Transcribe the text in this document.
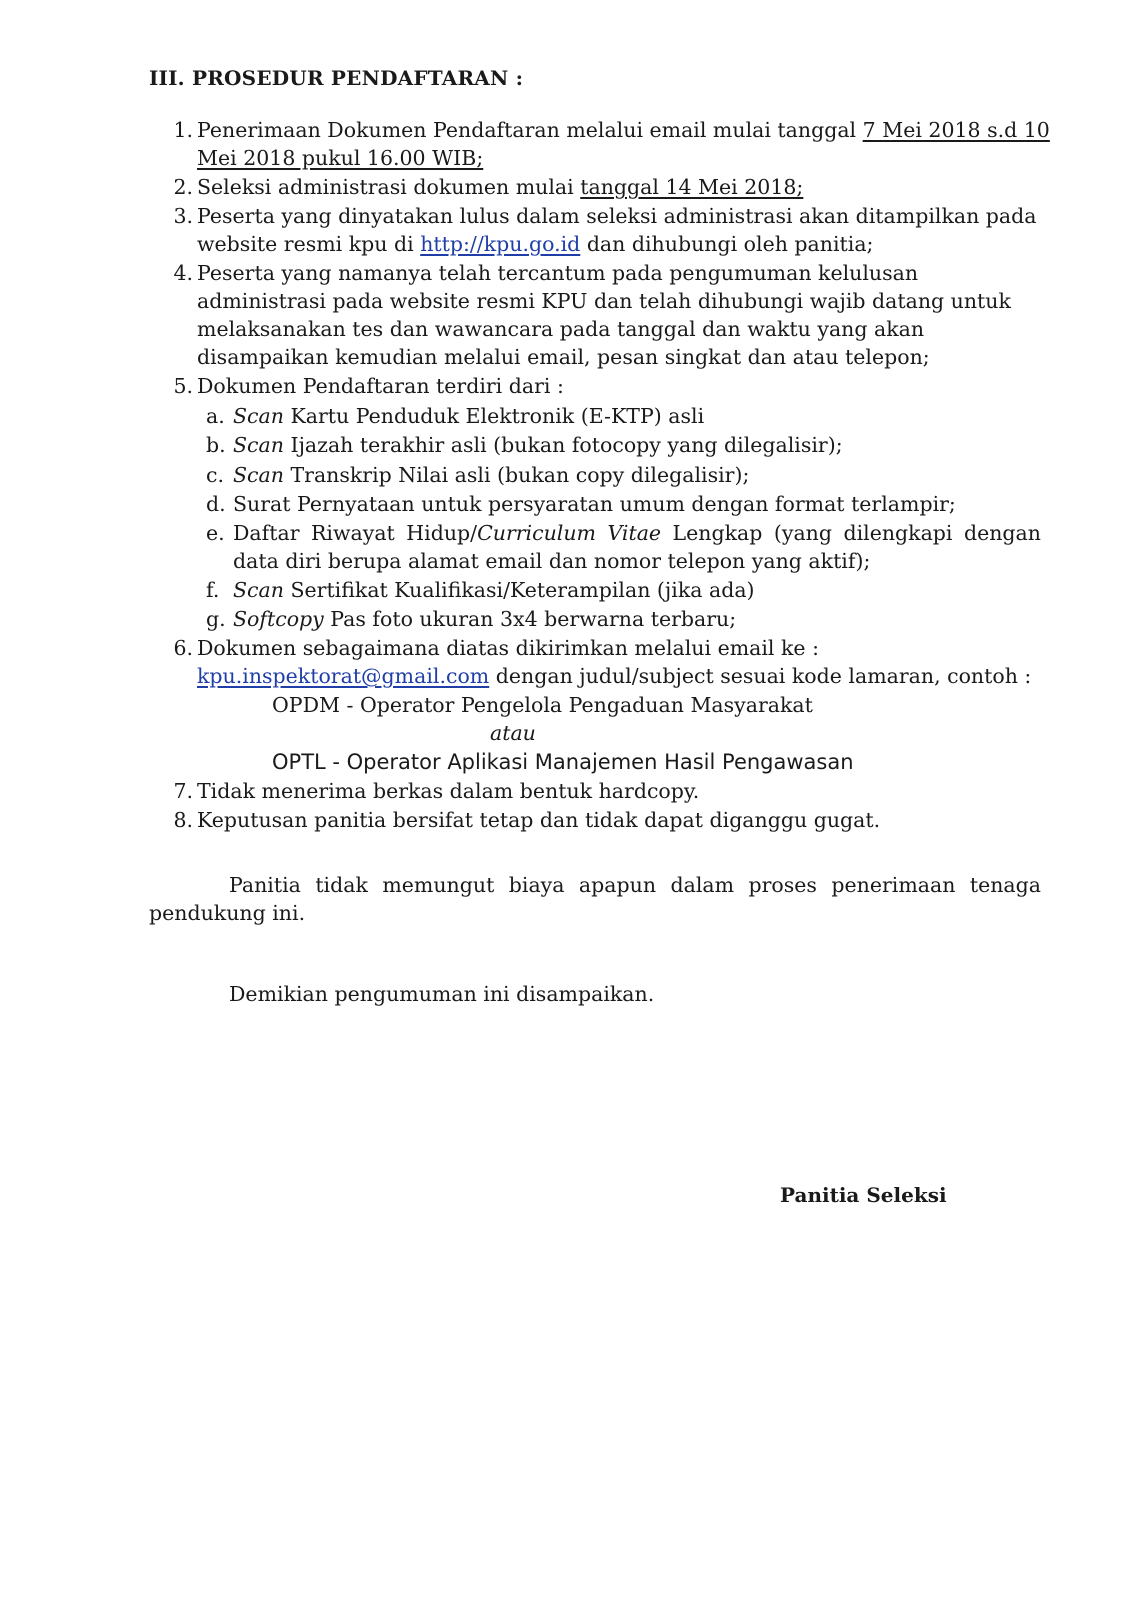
III. PROSEDUR PENDAFTARAN :
1. Penerimaan Dokumen Pendaftaran melalui email mulai tanggal 7 Mei 2018 s.d 10
Mei 2018 pukul 16.00 WIB;
2. Seleksi administrasi dokumen mulai tanggal 14 Mei 2018;
3. Peserta yang dinyatakan lulus dalam seleksi administrasi akan ditampilkan pada
website resmi kpu di http://kpu.go.id dan dihubungi oleh panitia;
4. Peserta yang namanya telah tercantum pada pengumuman kelulusan
administrasi pada website resmi KPU dan telah dihubungi wajib datang untuk
melaksanakan tes dan wawancara pada tanggal dan waktu yang akan
disampaikan kemudian melalui email, pesan singkat dan atau telepon;
5. Dokumen Pendaftaran terdiri dari :
a. Scan Kartu Penduduk Elektronik (E-KTP) asli
b. Scan Ijazah terakhir asli (bukan fotocopy yang dilegalisir);
c. Scan Transkrip Nilai asli (bukan copy dilegalisir);
d. Surat Pernyataan untuk persyaratan umum dengan format terlampir;
e. Daftar Riwayat Hidup/Curriculum Vitae Lengkap (yang dilengkapi dengan
data diri berupa alamat email dan nomor telepon yang aktif);
f. Scan Sertifikat Kualifikasi/Keterampilan (jika ada)
g. Softcopy Pas foto ukuran 3x4 berwarna terbaru;
6. Dokumen sebagaimana diatas dikirimkan melalui email ke :
kpu.inspektorat@gmail.com dengan judul/subject sesuai kode lamaran, contoh :
OPDM - Operator Pengelola Pengaduan Masyarakat
atau
OPTL - Operator Aplikasi Manajemen Hasil Pengawasan
7. Tidak menerima berkas dalam bentuk hardcopy.
8. Keputusan panitia bersifat tetap dan tidak dapat diganggu gugat.
Panitia tidak memungut biaya apapun dalam proses penerimaan tenaga
pendukung ini.
Demikian pengumuman ini disampaikan.
Panitia Seleksi
